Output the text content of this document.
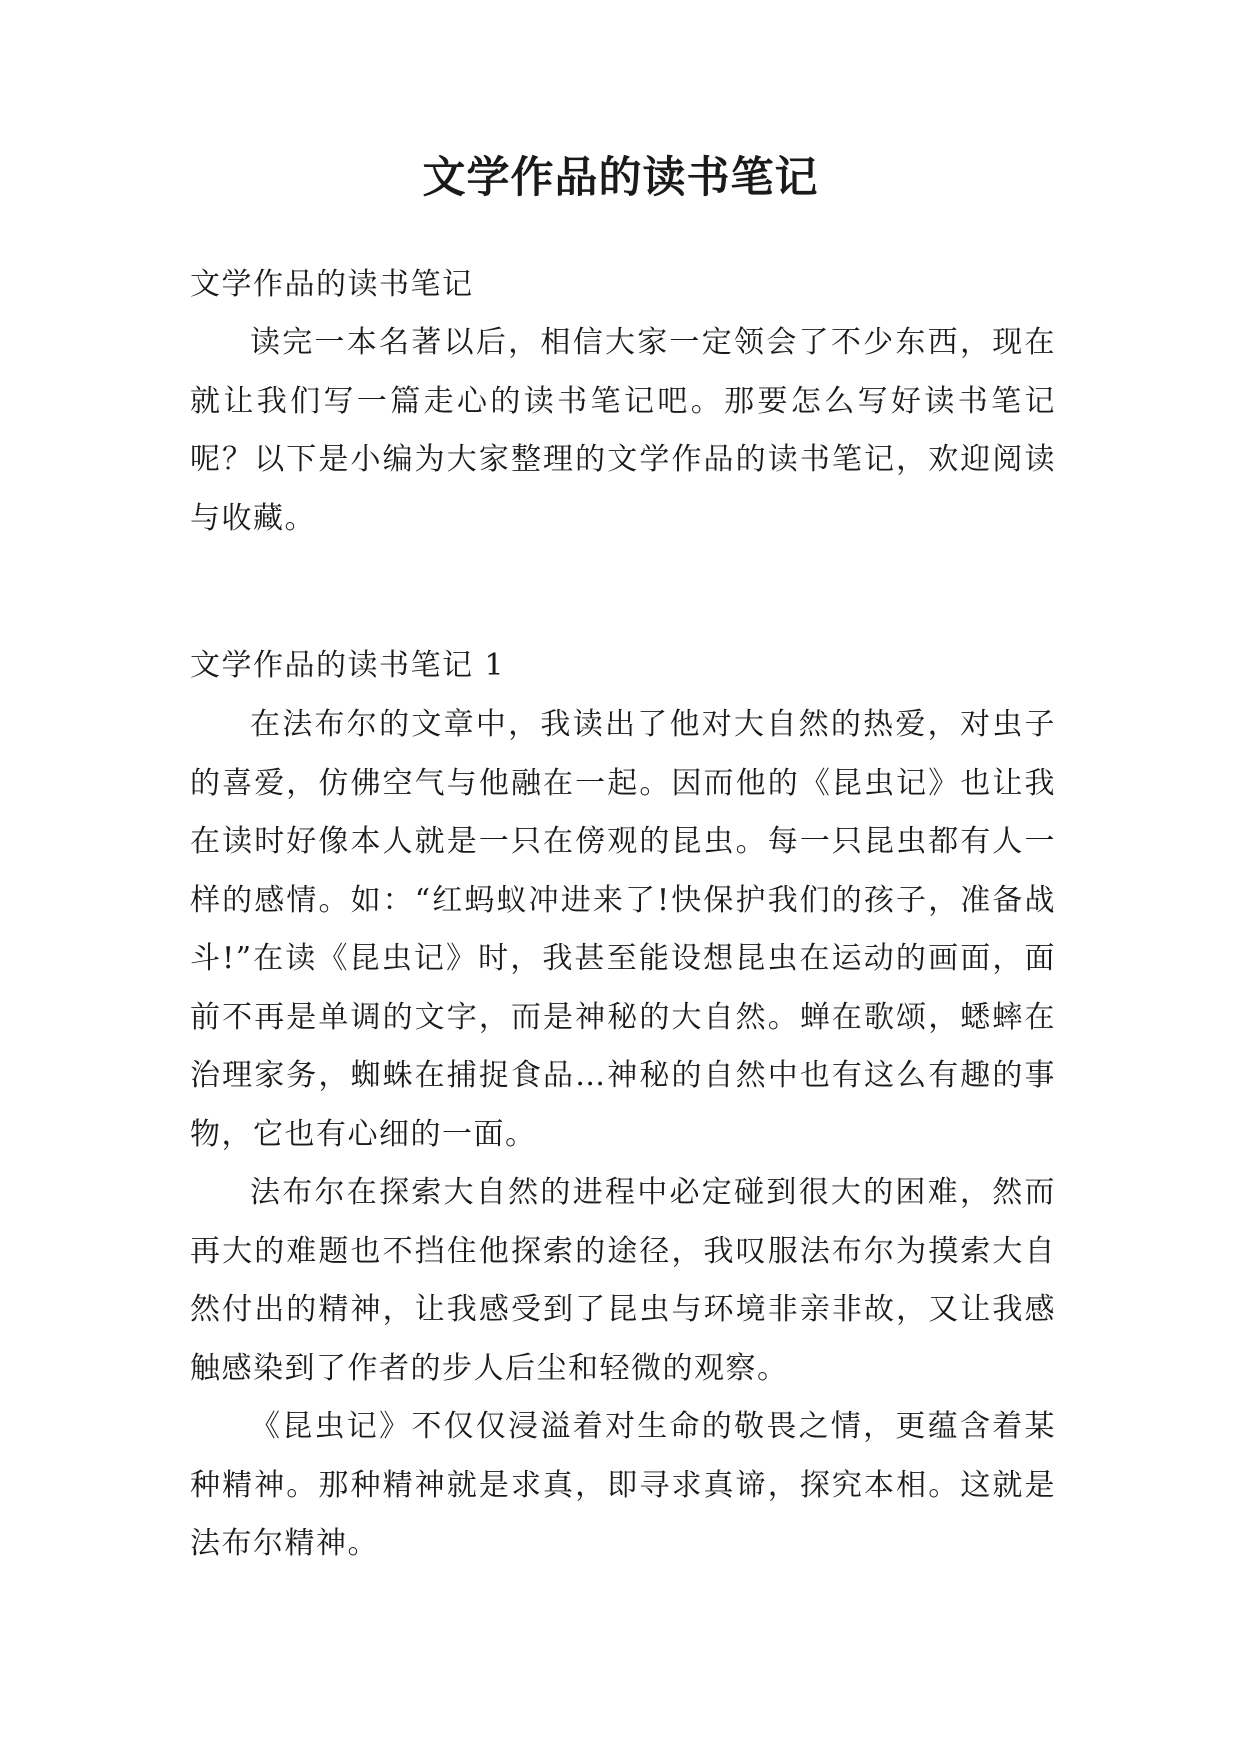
文学作品的读书笔记
文学作品的读书笔记

读完一本名著以后，相信大家一定领会了不少东西，现在就让我们写一篇走心的读书笔记吧。那要怎么写好读书笔记呢？以下是小编为大家整理的文学作品的读书笔记，欢迎阅读与收藏。

文学作品的读书笔记 1

在法布尔的文章中，我读出了他对大自然的热爱，对虫子的喜爱，仿佛空气与他融在一起。因而他的《昆虫记》也让我在读时好像本人就是一只在傍观的昆虫。每一只昆虫都有人一样的感情。如：“红蚂蚁冲进来了!快保护我们的孩子，准备战斗!”在读《昆虫记》时，我甚至能设想昆虫在运动的画面，面前不再是单调的文字，而是神秘的大自然。蝉在歌颂，蟋蟀在治理家务，蜘蛛在捕捉食品…神秘的自然中也有这么有趣的事物，它也有心细的一面。

法布尔在探索大自然的进程中必定碰到很大的困难，然而再大的难题也不挡住他探索的途径，我叹服法布尔为摸索大自然付出的精神，让我感受到了昆虫与环境非亲非故，又让我感触感染到了作者的步人后尘和轻微的观察。

《昆虫记》不仅仅浸溢着对生命的敬畏之情，更蕴含着某种精神。那种精神就是求真，即寻求真谛，探究本相。这就是法布尔精神。
